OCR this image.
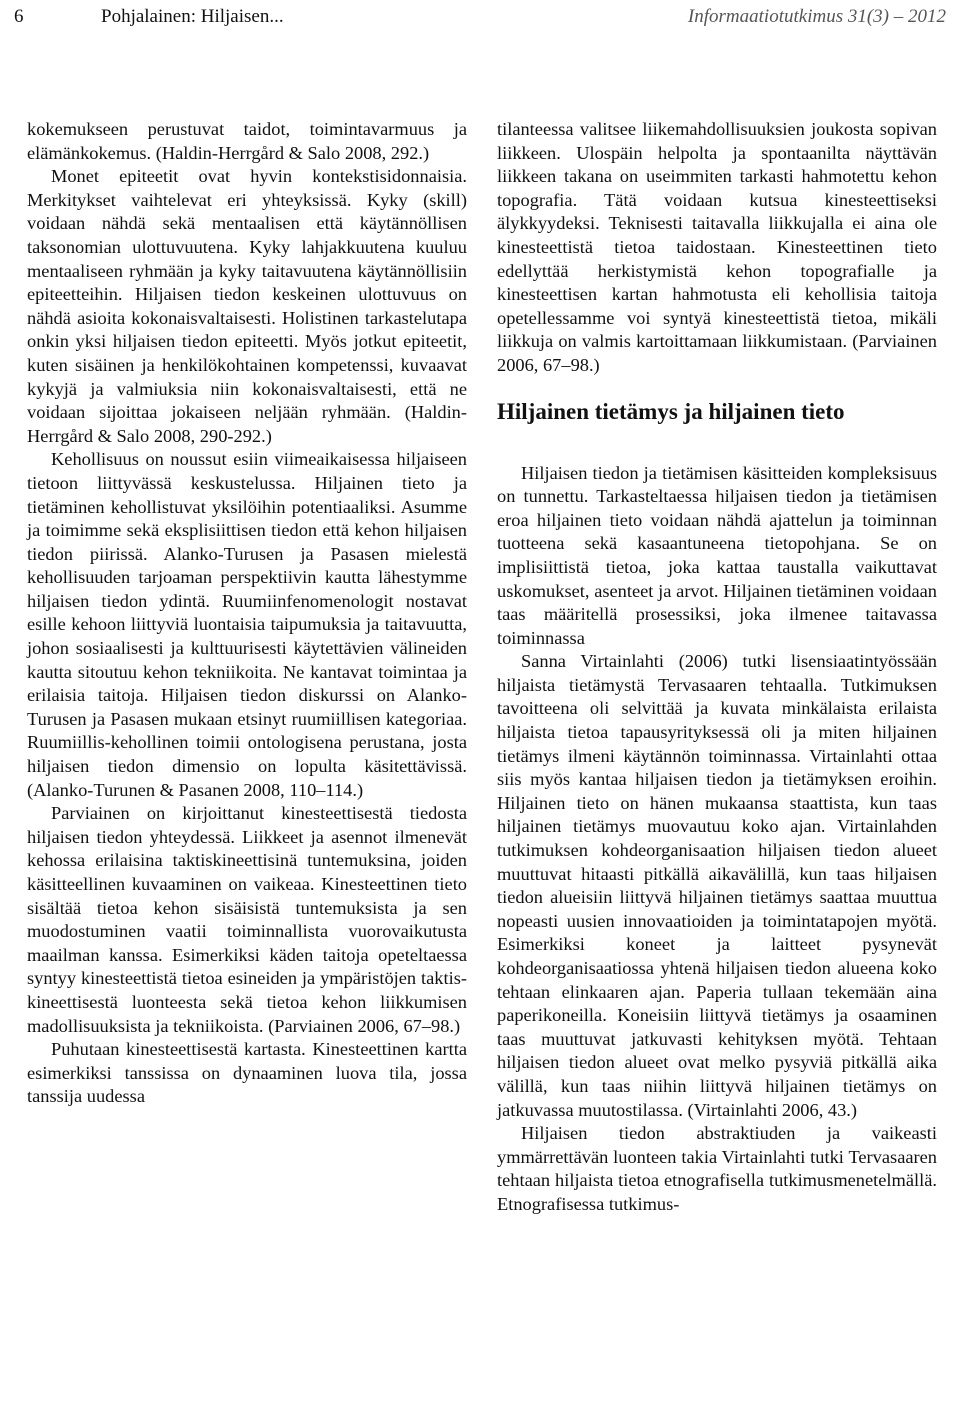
6	Pohjalainen: Hiljaisen...	Informaatiotutkimus 31(3) – 2012

kokemukseen perustuvat taidot, toimintavarmuus ja elämänkokemus. (Haldin-Herrgård & Salo 2008, 292.)

Monet epiteetit ovat hyvin kontekstisidonnaisia. Merkitykset vaihtelevat eri yhteyksissä. Kyky (skill) voidaan nähdä sekä mentaalisen että käytännöllisen taksonomian ulottuvuutena. Kyky lahjakkuutena kuuluu mentaaliseen ryhmään ja kyky taitavuutena käytännöllisiin epiteetteihin. Hiljaisen tiedon keskeinen ulottuvuus on nähdä asioita kokonaisvaltaisesti. Holistinen tarkastelutapa onkin yksi hiljaisen tiedon epiteetti. Myös jotkut epiteetit, kuten sisäinen ja henkilökohtainen kompetenssi, kuvaavat kykyjä ja valmiuksia niin kokonaisvaltaisesti, että ne voidaan sijoittaa jokaiseen neljään ryhmään. (Haldin-Herrgård & Salo 2008, 290-292.)

Kehollisuus on noussut esiin viimeaikaisessa hiljaiseen tietoon liittyvässä keskustelussa. Hiljainen tieto ja tietäminen kehollistuvat yksilöihin potentiaaliksi. Asumme ja toimimme sekä eksplisiittisen tiedon että kehon hiljaisen tiedon piirissä. Alanko-Turusen ja Pasasen mielestä kehollisuuden tarjoaman perspektiivin kautta lähestymme hiljaisen tiedon ydintä. Ruumiinfenomenologit nostavat esille kehoon liittyviä luontaisia taipumuksia ja taitavuutta, johon sosiaalisesti ja kulttuurisesti käytettävien välineiden kautta sitoutuu kehon tekniikoita. Ne kantavat toimintaa ja erilaisia taitoja. Hiljaisen tiedon diskurssi on Alanko-Turusen ja Pasasen mukaan etsinyt ruumiillisen kategoriaa. Ruumiillis-kehollinen toimii ontologisena perustana, josta hiljaisen tiedon dimensio on lopulta käsitettävissä. (Alanko-Turunen & Pasanen 2008, 110–114.)

Parviainen on kirjoittanut kinesteettisestä tiedosta hiljaisen tiedon yhteydessä. Liikkeet ja asennot ilmenevät kehossa erilaisina taktiskineettisinä tuntemuksina, joiden käsitteellinen kuvaaminen on vaikeaa. Kinesteettinen tieto sisältää tietoa kehon sisäisistä tuntemuksista ja sen muodostuminen vaatii toiminnallista vuorovaikutusta maailman kanssa. Esimerkiksi käden taitoja opeteltaessa syntyy kinesteettistä tietoa esineiden ja ympäristöjen taktis-kineettisestä luonteesta sekä tietoa kehon liikkumisen madollisuuksista ja tekniikoista. (Parviainen 2006, 67–98.)

Puhutaan kinesteettisestä kartasta. Kinesteettinen kartta esimerkiksi tanssissa on dynaaminen luova tila, jossa tanssija uudessa

tilanteessa valitsee liikemahdollisuuksien joukosta sopivan liikkeen. Ulospäin helpolta ja spontaanilta näyttävän liikkeen takana on useimmiten tarkasti hahmotettu kehon topografia. Tätä voidaan kutsua kinesteettiseksi älykkyydeksi. Teknisesti taitavalla liikkujalla ei aina ole kinesteettistä tietoa taidostaan. Kinesteettinen tieto edellyttää herkistymistä kehon topografialle ja kinesteettisen kartan hahmotusta eli kehollisia taitoja opetellessamme voi syntyä kinesteettistä tietoa, mikäli liikkuja on valmis kartoittamaan liikkumistaan. (Parviainen 2006, 67–98.)

Hiljainen tietämys ja hiljainen tieto

Hiljaisen tiedon ja tietämisen käsitteiden kompleksisuus on tunnettu. Tarkasteltaessa hiljaisen tiedon ja tietämisen eroa hiljainen tieto voidaan nähdä ajattelun ja toiminnan tuotteena sekä kasaantuneena tietopohjana. Se on implisiittistä tietoa, joka kattaa taustalla vaikuttavat uskomukset, asenteet ja arvot. Hiljainen tietäminen voidaan taas määritellä prosessiksi, joka ilmenee taitavassa toiminnassa

Sanna Virtainlahti (2006) tutki lisensiaatintyössään hiljaista tietämystä Tervasaaren tehtaalla. Tutkimuksen tavoitteena oli selvittää ja kuvata minkälaista erilaista hiljaista tietoa tapausyrityksessä oli ja miten hiljainen tietämys ilmeni käytännön toiminnassa. Virtainlahti ottaa siis myös kantaa hiljaisen tiedon ja tietämyksen eroihin. Hiljainen tieto on hänen mukaansa staattista, kun taas hiljainen tietämys muovautuu koko ajan. Virtainlahden tutkimuksen kohdeorganisaation hiljaisen tiedon alueet muuttuvat hitaasti pitkällä aikavälillä, kun taas hiljaisen tiedon alueisiin liittyvä hiljainen tietämys saattaa muuttua nopeasti uusien innovaatioiden ja toimintatapojen myötä. Esimerkiksi koneet ja laitteet pysynevät kohdeorganisaatiossa yhtenä hiljaisen tiedon alueena koko tehtaan elinkaaren ajan. Paperia tullaan tekemään aina paperikoneilla. Koneisiin liittyvä tietämys ja osaaminen taas muuttuvat jatkuvasti kehityksen myötä. Tehtaan hiljaisen tiedon alueet ovat melko pysyviä pitkällä aika välillä, kun taas niihin liittyvä hiljainen tietämys on jatkuvassa muutostilassa. (Virtainlahti 2006, 43.)

Hiljaisen tiedon abstraktiuden ja vaikeasti ymmärrettävän luonteen takia Virtainlahti tutki Tervasaaren tehtaan hiljaista tietoa etnografisella tutkimusmenetelmällä. Etnografisessa tutkimus-
